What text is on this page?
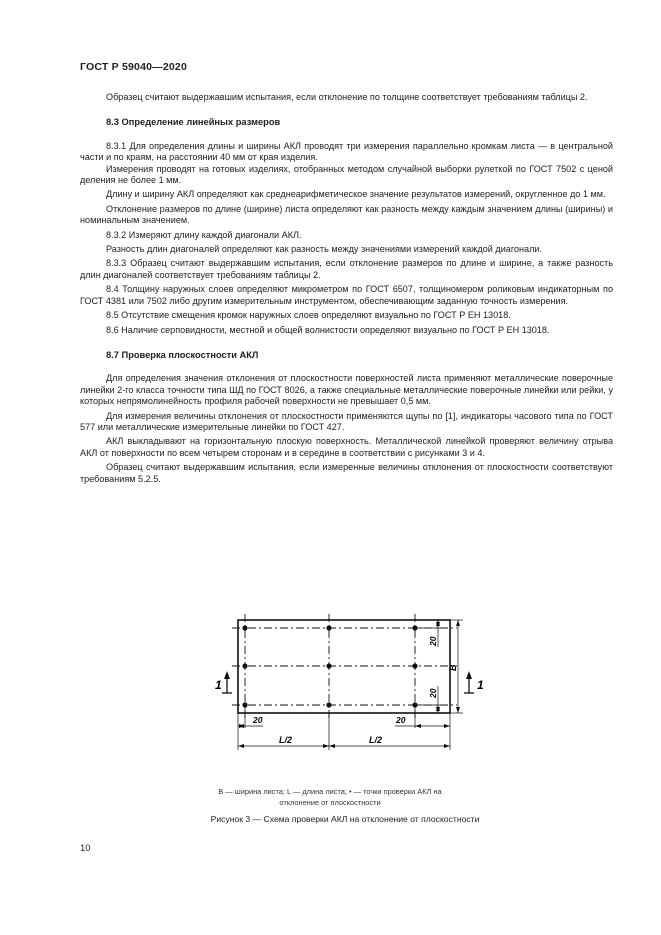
ГОСТ Р 59040—2020

Образец считают выдержавшим испытания, если отклонение по толщине соответствует требованиям таблицы 2.

8.3 Определение линейных размеров

8.3.1 Для определения длины и ширины АКЛ проводят три измерения параллельно кромкам листа — в центральной части и по краям, на расстоянии 40 мм от края изделия.

Измерения проводят на готовых изделиях, отобранных методом случайной выборки рулеткой по ГОСТ 7502 с ценой деления не более 1 мм.

Длину и ширину АКЛ определяют как среднеарифметическое значение результатов измерений, округленное до 1 мм.

Отклонение размеров по длине (ширине) листа определяют как разность между каждым значением длины (ширины) и номинальным значением.

8.3.2 Измеряют длину каждой диагонали АКЛ.

Разность длин диагоналей определяют как разность между значениями измерений каждой диагонали.

8.3.3 Образец считают выдержавшим испытания, если отклонение размеров по длине и ширине, а также разность длин диагоналей соответствует требованиям таблицы 2.

8.4 Толщину наружных слоев определяют микрометром по ГОСТ 6507, толщиномером роликовым индикаторным по ГОСТ 4381 или 7502 либо другим измерительным инструментом, обеспечивающим заданную точность измерения.

8.5 Отсутствие смещения кромок наружных слоев определяют визуально по ГОСТ Р ЕН 13018.

8.6 Наличие серповидности, местной и общей волнистости определяют визуально по ГОСТ Р ЕН 13018.

8.7 Проверка плоскостности АКЛ

Для определения значения отклонения от плоскостности поверхностей листа применяют металлические поверочные линейки 2-го класса точности типа ШД по ГОСТ 8026, а также специальные металлические поверочные линейки или рейки, у которых непрямолинейность профиля рабочей поверхности не превышает 0,5 мм.

Для измерения величины отклонения от плоскостности применяются щупы по [1], индикаторы часового типа по ГОСТ 577 или металлические измерительные линейки по ГОСТ 427.

АКЛ выкладывают на горизонтальную плоскую поверхность. Металлической линейкой проверяют величину отрыва АКЛ от поверхности по всем четырем сторонам и в середине в соответствии с рисунками 3 и 4.

Образец считают выдержавшим испытания, если измеренные величины отклонения от плоскостности соответствуют требованиям 5.2.5.

1	1
20	20
L/2	L/2
20
20
B
B — ширина листа; L — длина листа; • — точки проверки АКЛ на отклонение от плоскостности
Рисунок 3 — Схема проверки АКЛ на отклонение от плоскостности
10
